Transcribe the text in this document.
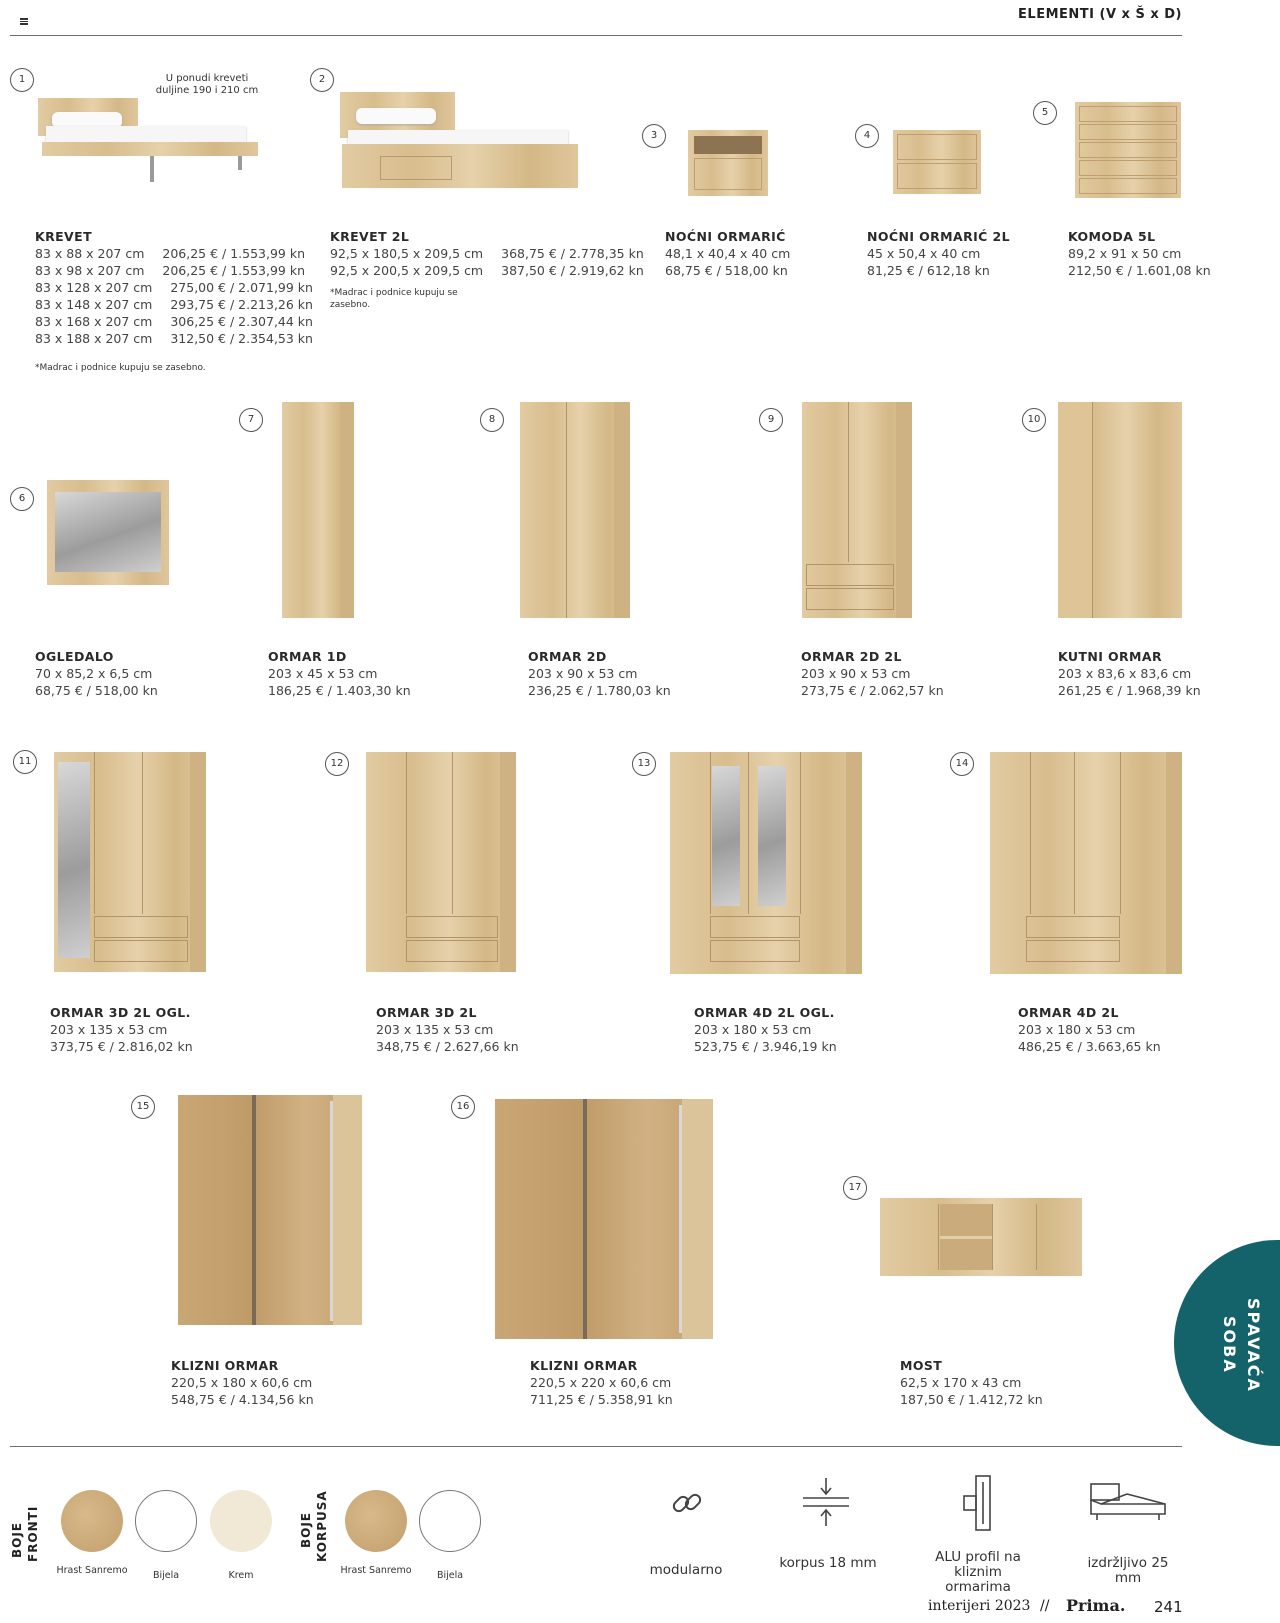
ELEMENTI (V x Š x D)
1	U ponudi kreveti duljine 190 i 210 cm
KREVET
83 x 88 x 207 cm 206,25 € / 1.553,99 kn
83 x 98 x 207 cm 206,25 € / 1.553,99 kn
83 x 128 x 207 cm 275,00 € / 2.071,99 kn
83 x 148 x 207 cm 293,75 € / 2.213,26 kn
83 x 168 x 207 cm 306,25 € / 2.307,44 kn
83 x 188 x 207 cm 312,50 € / 2.354,53 kn
*Madrac i podnice kupuju se zasebno.
2
KREVET 2L
92,5 x 180,5 x 209,5 cm 368,75 € / 2.778,35 kn
92,5 x 200,5 x 209,5 cm 387,50 € / 2.919,62 kn
*Madrac i podnice kupuju se zasebno.
3
NOĆNI ORMARIĆ
48,1 x 40,4 x 40 cm
68,75 € / 518,00 kn
4
NOĆNI ORMARIĆ 2L
45 x 50,4 x 40 cm
81,25 € / 612,18 kn
5
KOMODA 5L
89,2 x 91 x 50 cm
212,50 € / 1.601,08 kn
6
OGLEDALO
70 x 85,2 x 6,5 cm
68,75 € / 518,00 kn
7
ORMAR 1D
203 x 45 x 53 cm
186,25 € / 1.403,30 kn
8
ORMAR 2D
203 x 90 x 53 cm
236,25 € / 1.780,03 kn
9
ORMAR 2D 2L
203 x 90 x 53 cm
273,75 € / 2.062,57 kn
10
KUTNI ORMAR
203 x 83,6 x 83,6 cm
261,25 € / 1.968,39 kn
11
ORMAR 3D 2L OGL.
203 x 135 x 53 cm
373,75 € / 2.816,02 kn
12
ORMAR 3D 2L
203 x 135 x 53 cm
348,75 € / 2.627,66 kn
13
ORMAR 4D 2L OGL.
203 x 180 x 53 cm
523,75 € / 3.946,19 kn
14
ORMAR 4D 2L
203 x 180 x 53 cm
486,25 € / 3.663,65 kn
15
KLIZNI ORMAR
220,5 x 180 x 60,6 cm
548,75 € / 4.134,56 kn
16
KLIZNI ORMAR
220,5 x 220 x 60,6 cm
711,25 € / 5.358,91 kn
17
MOST
62,5 x 170 x 43 cm
187,50 € / 1.412,72 kn
SPAVAĆA
SOBA
BOJE FRONTI
Hrast Sanremo	Bijela	Krem
BOJE KORPUSA
Hrast Sanremo	Bijela	modularno	korpus 18 mm	ALU profil na kliznim ormarima
izdržljivo 25 mm
interijeri 2023 // Prima. 241
